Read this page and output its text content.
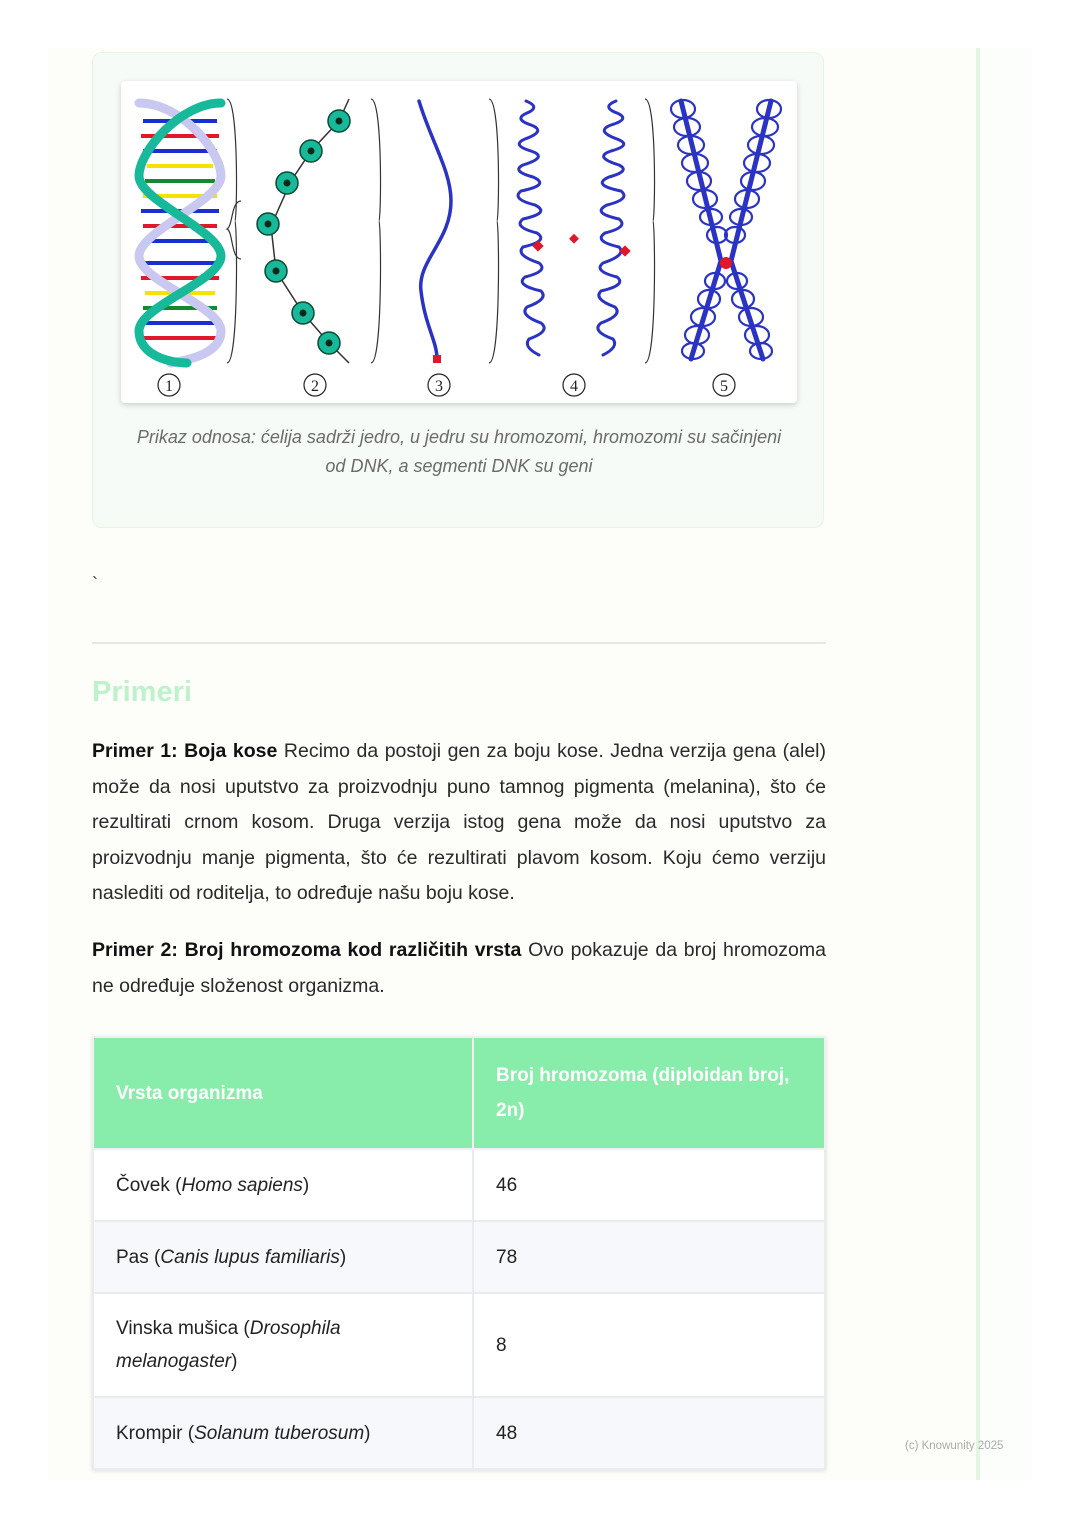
1	2	3	4	5
Prikaz odnosa: ćelija sadrži jedro, u jedru su hromozomi, hromozomi su sačinjeni od DNK, a segmenti DNK su geni
`
Primeri

Primer 1: Boja kose Recimo da postoji gen za boju kose. Jedna verzija gena (alel) može da nosi uputstvo za proizvodnju puno tamnog pigmenta (melanina), što će rezultirati crnom kosom. Druga verzija istog gena može da nosi uputstvo za proizvodnju manje pigmenta, što će rezultirati plavom kosom. Koju ćemo verziju naslediti od roditelja, to određuje našu boju kose.

Primer 2: Broj hromozoma kod različitih vrsta Ovo pokazuje da broj hromozoma ne određuje složenost organizma.

Vrsta organizma	Broj hromozoma (diploidan broj, 2n)
Čovek (Homo sapiens)	46
Pas (Canis lupus familiaris)	78
Vinska mušica (Drosophila melanogaster)	8
Krompir (Solanum tuberosum)	48
(c) Knowunity 2025
